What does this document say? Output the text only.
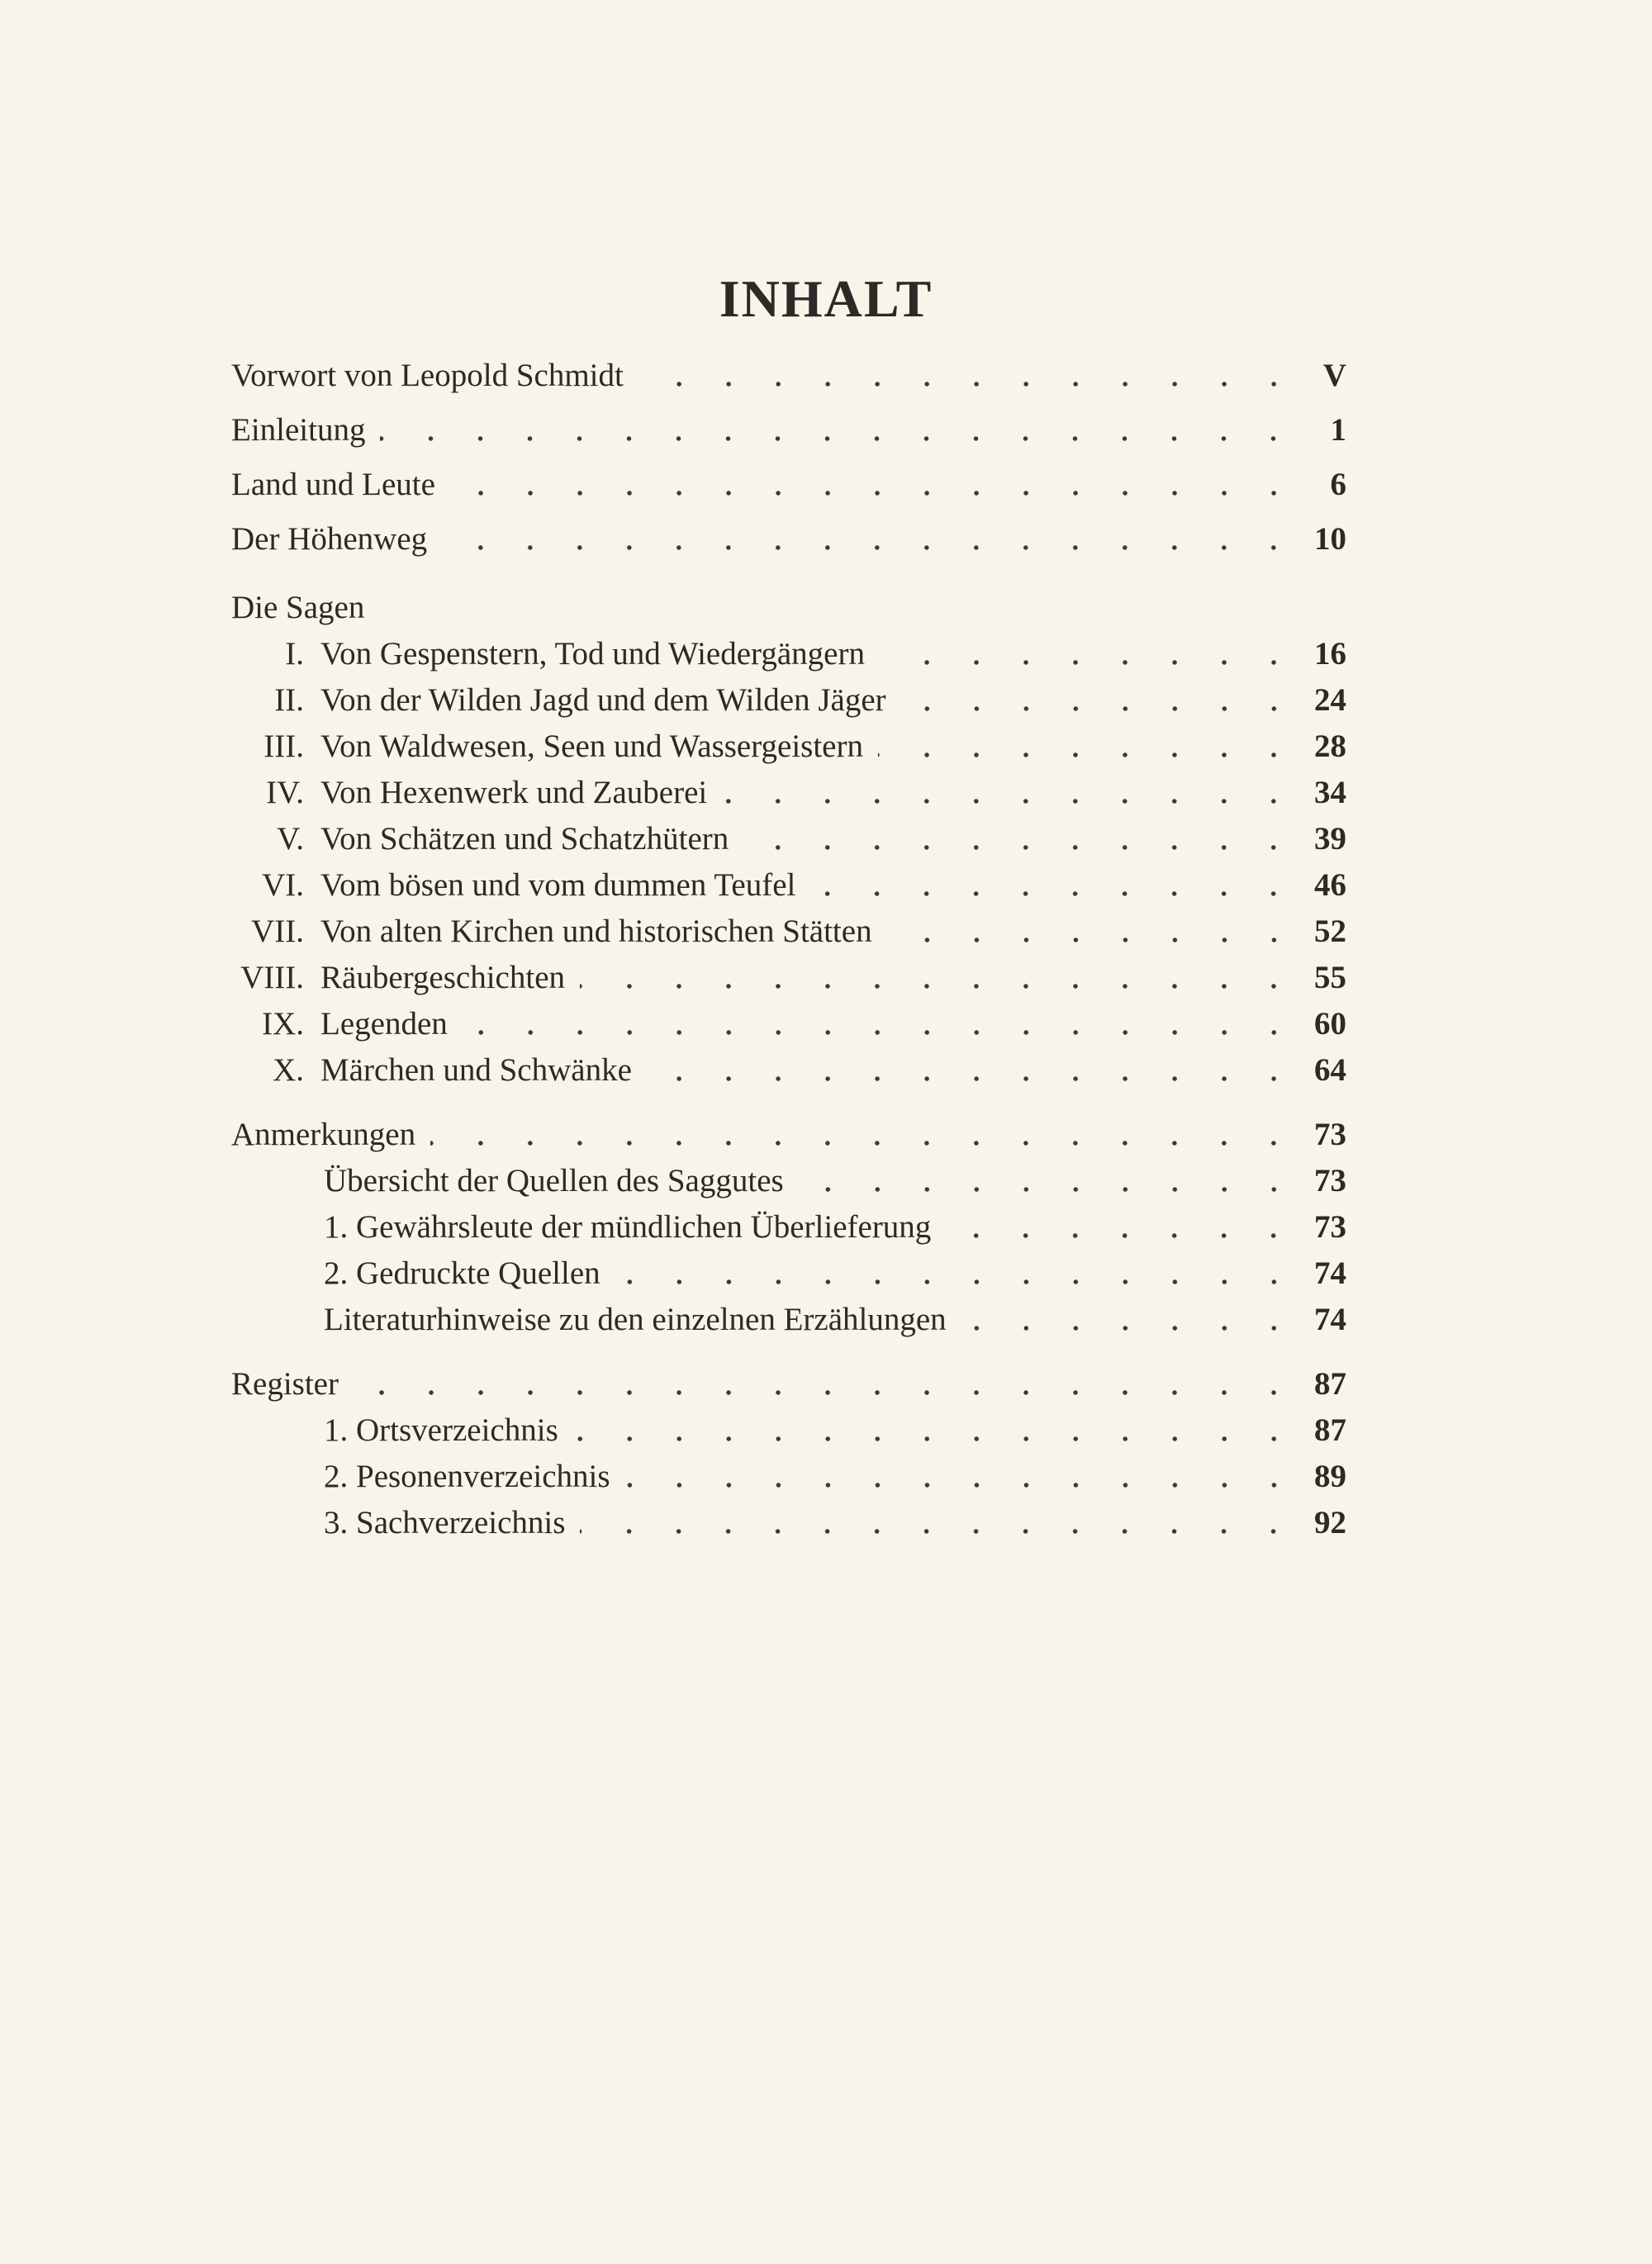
INHALT
Vorwort von Leopold Schmidt	V
Einleitung	1
Land und Leute	6
Der Höhenweg	10
Die Sagen
I. Von Gespenstern, Tod und Wiedergängern	16
II. Von der Wilden Jagd und dem Wilden Jäger	24
III. Von Waldwesen, Seen und Wassergeistern	28
IV. Von Hexenwerk und Zauberei	34
V. Von Schätzen und Schatzhütern	39
VI. Vom bösen und vom dummen Teufel	46
VII. Von alten Kirchen und historischen Stätten	52
VIII. Räubergeschichten	55
IX. Legenden	60
X. Märchen und Schwänke	64
Anmerkungen	73
Übersicht der Quellen des Saggutes	73
1. Gewährsleute der mündlichen Überlieferung	73
2. Gedruckte Quellen	74
Literaturhinweise zu den einzelnen Erzählungen	74
Register	87
1. Ortsverzeichnis	87
2. Pesonenverzeichnis	89
3. Sachverzeichnis	92
